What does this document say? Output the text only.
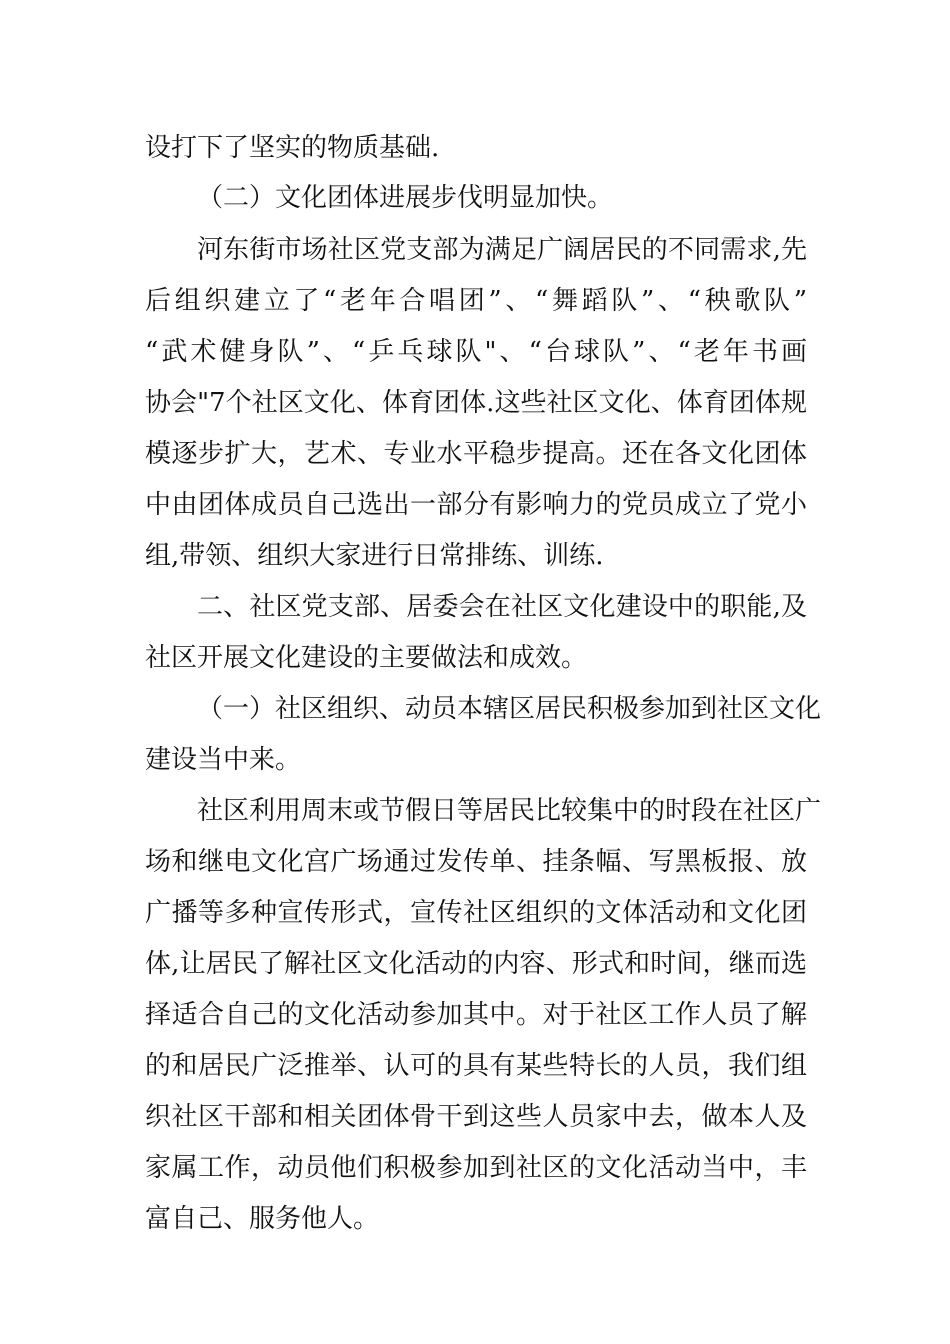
设打下了坚实的物质基础.
（二）文化团体进展步伐明显加快。
河东街市场社区党支部为满足广阔居民的不同需求,先
后组织建立了“老年合唱团”、“舞蹈队”、“秧歌队”
“武术健身队”、“乒乓球队"、“台球队”、“老年书画
协会"7个社区文化、体育团体.这些社区文化、体育团体规
模逐步扩大，艺术、专业水平稳步提高。还在各文化团体
中由团体成员自己选出一部分有影响力的党员成立了党小
组,带领、组织大家进行日常排练、训练.
二、社区党支部、居委会在社区文化建设中的职能,及
社区开展文化建设的主要做法和成效。
（一）社区组织、动员本辖区居民积极参加到社区文化
建设当中来。
社区利用周末或节假日等居民比较集中的时段在社区广
场和继电文化宫广场通过发传单、挂条幅、写黑板报、放
广播等多种宣传形式，宣传社区组织的文体活动和文化团
体,让居民了解社区文化活动的内容、形式和时间，继而选
择适合自己的文化活动参加其中。对于社区工作人员了解
的和居民广泛推举、认可的具有某些特长的人员，我们组
织社区干部和相关团体骨干到这些人员家中去，做本人及
家属工作，动员他们积极参加到社区的文化活动当中，丰
富自己、服务他人。
